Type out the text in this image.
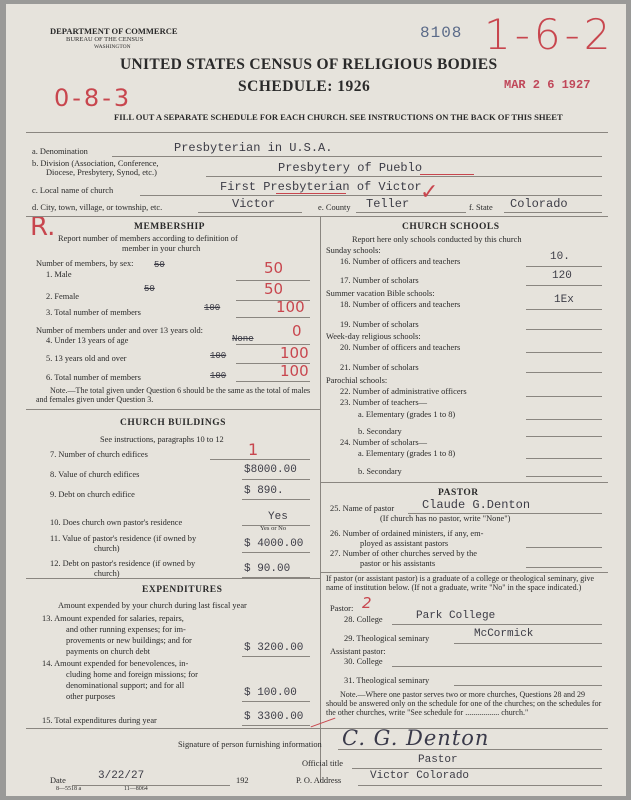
DEPARTMENT OF COMMERCE
BUREAU OF THE CENSUS
WASHINGTON
8108 1-6-2
UNITED STATES CENSUS OF RELIGIOUS BODIES
SCHEDULE: 1926
0-8-3	MAR 2 6 1927
FILL OUT A SEPARATE SCHEDULE FOR EACH CHURCH. SEE INSTRUCTIONS ON THE BACK OF THIS SHEET
a. Denomination	Presbyterian in U.S.A.
b. Division (Association, Conference,
Diocese, Presbytery, Synod, etc.)	Presbytery of Pueblo
c. Local name of church	First Presbyterian of Victor
d. City, town, village, or township, etc.	Victor	e. County Teller ✓
f. State Colorado
R.	MEMBERSHIP
Report number of members according to definition of
member in your church
Number of members, by sex:
1. Male
50	50
2. Female
50	50
3. Total number of members	100	100
Number of members under and over 13 years old:
4. Under 13 years of age	None	0
5. 13 years old and over	100	100
6. Total number of members	100	100
Note.—The total given under Question 6 should be the same as the total of males and females given under Question 3.
CHURCH BUILDINGS
See instructions, paragraphs 10 to 12
7. Number of church edifices	1
8. Value of church edifices	$8000.00
9. Debt on church edifice	$ 890.
10. Does church own pastor's residence	Yes
Yes or No
11. Value of pastor's residence (if owned by
church)	$ 4000.00
12. Debt on pastor's residence (if owned by
church)	$ 90.00
EXPENDITURES
Amount expended by your church during last fiscal year
13. Amount expended for salaries, repairs,
and other running expenses; for im-
provements or new buildings; and for
payments on church debt	$ 3200.00
14. Amount expended for benevolences, in-
cluding home and foreign missions; for
denominational support; and for all
other purposes	$ 100.00
15. Total expenditures during year	$ 3300.00
CHURCH SCHOOLS
Report here only schools conducted by this church
Sunday schools:
16. Number of officers and teachers	10.
17. Number of scholars	120
Summer vacation Bible schools:
18. Number of officers and teachers	1Ex
19. Number of scholars
Week-day religious schools:
20. Number of officers and teachers
21. Number of scholars
Parochial schools:
22. Number of administrative officers
23. Number of teachers—
a. Elementary (grades 1 to 8)
b. Secondary
24. Number of scholars—
a. Elementary (grades 1 to 8)
b. Secondary
PASTOR
25. Name of pastor Claude G.Denton
(If church has no pastor, write "None")
26. Number of ordained ministers, if any, em-
ployed as assistant pastors
27. Number of other churches served by the
pastor or his assistants
If pastor (or assistant pastor) is a graduate of a college or theological seminary, give name of institution below. (If not a graduate, write "No" in the space indicated.)
Pastor: 2
28. College	Park College
29. Theological seminary	McCormick
Assistant pastor:
30. College
31. Theological seminary
Note.—Where one pastor serves two or more churches, Questions 28 and 29 should be answered only on the schedule for one of the churches; on the schedules for the other churches, write "See schedule for ................. church."
Signature of person furnishing information C. G. Denton
Official title	Pastor
Date	3/22/27	192	P. O. Address	Victor Colorado
8—5518 a	11—8064
